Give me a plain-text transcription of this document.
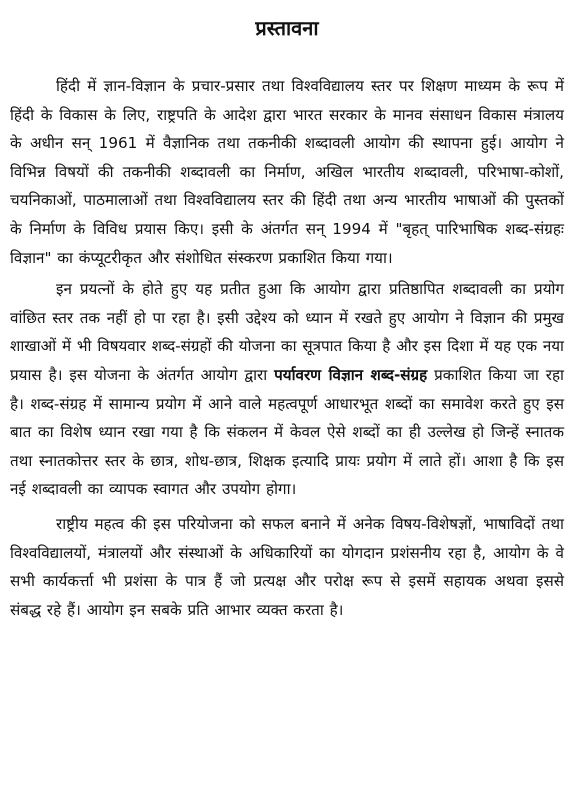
प्रस्तावना

हिंदी में ज्ञान-विज्ञान के प्रचार-प्रसार तथा विश्वविद्यालय स्तर पर शिक्षण माध्यम के रूप में हिंदी के विकास के लिए, राष्ट्रपति के आदेश द्वारा भारत सरकार के मानव संसाधन विकास मंत्रालय के अधीन सन् 1961 में वैज्ञानिक तथा तकनीकी शब्दावली आयोग की स्थापना हुई। आयोग ने विभिन्न विषयों की तकनीकी शब्दावली का निर्माण, अखिल भारतीय शब्दावली, परिभाषा-कोशों, चयनिकाओं, पाठमालाओं तथा विश्वविद्यालय स्तर की हिंदी तथा अन्य भारतीय भाषाओं की पुस्तकों के निर्माण के विविध प्रयास किए। इसी के अंतर्गत सन् 1994 में "बृहत् पारिभाषिक शब्द-संग्रहः विज्ञान" का कंप्यूटरीकृत और संशोधित संस्करण प्रकाशित किया गया।

इन प्रयत्नों के होते हुए यह प्रतीत हुआ कि आयोग द्वारा प्रतिष्ठापित शब्दावली का प्रयोग वांछित स्तर तक नहीं हो पा रहा है। इसी उद्देश्य को ध्यान में रखते हुए आयोग ने विज्ञान की प्रमुख शाखाओं में भी विषयवार शब्द-संग्रहों की योजना का सूत्रपात किया है और इस दिशा में यह एक नया प्रयास है। इस योजना के अंतर्गत आयोग द्वारा पर्यावरण विज्ञान शब्द-संग्रह प्रकाशित किया जा रहा है। शब्द-संग्रह में सामान्य प्रयोग में आने वाले महत्वपूर्ण आधारभूत शब्दों का समावेश करते हुए इस बात का विशेष ध्यान रखा गया है कि संकलन में केवल ऐसे शब्दों का ही उल्लेख हो जिन्हें स्नातक तथा स्नातकोत्तर स्तर के छात्र, शोध-छात्र, शिक्षक इत्यादि प्रायः प्रयोग में लाते हों। आशा है कि इस नई शब्दावली का व्यापक स्वागत और उपयोग होगा।

राष्ट्रीय महत्व की इस परियोजना को सफल बनाने में अनेक विषय-विशेषज्ञों, भाषाविदों तथा विश्वविद्यालयों, मंत्रालयों और संस्थाओं के अधिकारियों का योगदान प्रशंसनीय रहा है, आयोग के वे सभी कार्यकर्त्ता भी प्रशंसा के पात्र हैं जो प्रत्यक्ष और परोक्ष रूप से इसमें सहायक अथवा इससे संबद्ध रहे हैं। आयोग इन सबके प्रति आभार व्यक्त करता है।
